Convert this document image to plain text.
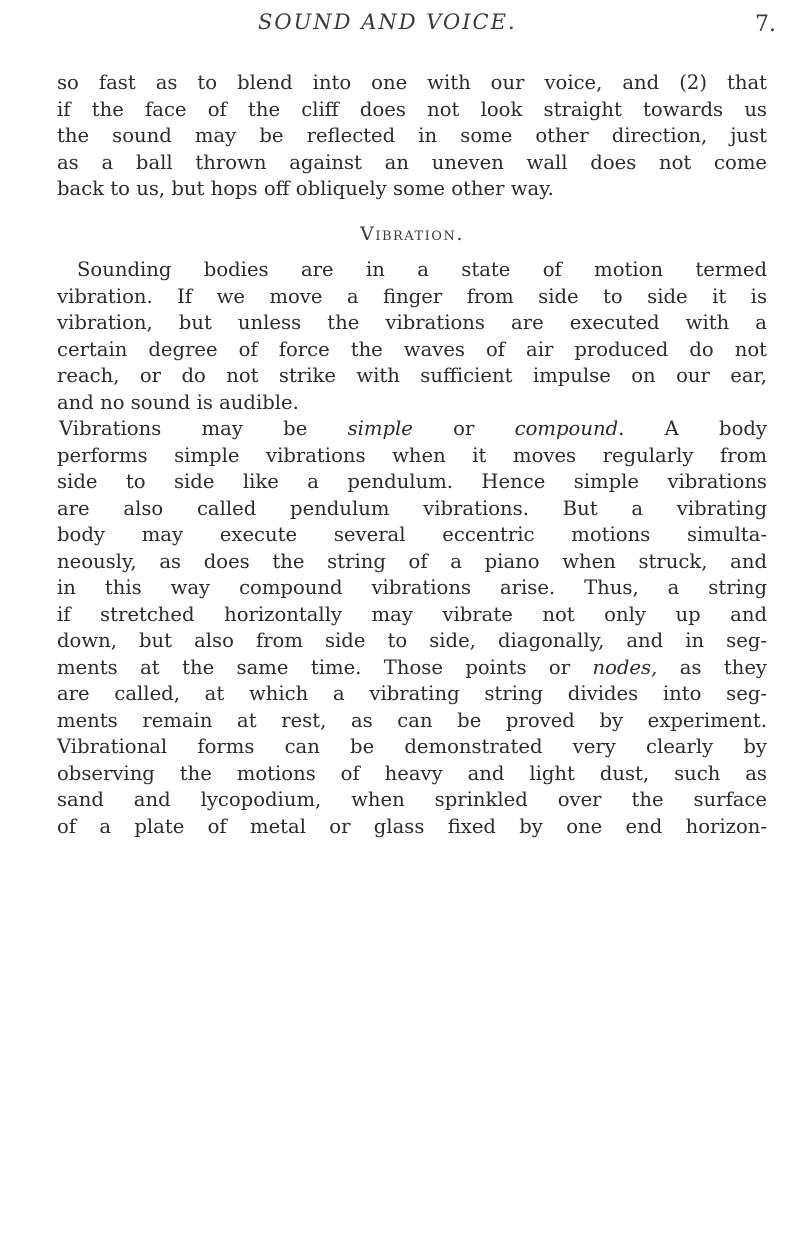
SOUND AND VOICE.	7.
so fast as to blend into one with our voice, and (2) that
if the face of the cliff does not look straight towards us
the sound may be reflected in some other direction, just
as a ball thrown against an uneven wall does not come
back to us, but hops off obliquely some other way.
Vibration.
Sounding bodies are in a state of motion termed
vibration. If we move a finger from side to side it is
vibration, but unless the vibrations are executed with a
certain degree of force the waves of air produced do not
reach, or do not strike with sufficient impulse on our ear,
and no sound is audible.
Vibrations may be simple or compound. A body
performs simple vibrations when it moves regularly from
side to side like a pendulum. Hence simple vibrations
are also called pendulum vibrations. But a vibrating
body may execute several eccentric motions simulta-
neously, as does the string of a piano when struck, and
in this way compound vibrations arise. Thus, a string
if stretched horizontally may vibrate not only up and
down, but also from side to side, diagonally, and in seg-
ments at the same time. Those points or nodes, as they
are called, at which a vibrating string divides into seg-
ments remain at rest, as can be proved by experiment.
Vibrational forms can be demonstrated very clearly by
observing the motions of heavy and light dust, such as
sand and lycopodium, when sprinkled over the surface
of a plate of metal or glass fixed by one end horizon-
